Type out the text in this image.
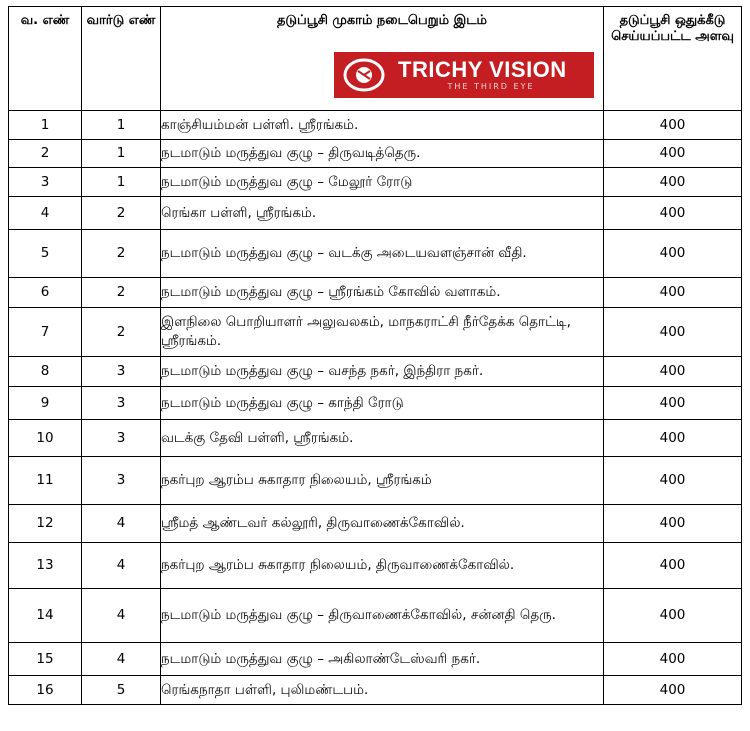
வ. எண்	வார்டு எண்	தடுப்பூசி முகாம் நடைபெறும் இடம்	தடுப்பூசி ஒதுக்கீடு செய்யப்பட்ட அளவு
1	1	காஞ்சியம்மன் பள்ளி. ஸ்ரீரங்கம்.	400
2	1	நடமாடும் மருத்துவ குழு – திருவடித்தெரு.	400
3	1	நடமாடும் மருத்துவ குழு – மேலூர் ரோடு	400
4	2	ரெங்கா பள்ளி, ஸ்ரீரங்கம்.	400
5	2	நடமாடும் மருத்துவ குழு – வடக்கு அடையவளஞ்சான் வீதி.	400
6	2	நடமாடும் மருத்துவ குழு – ஸ்ரீரங்கம் கோவில் வளாகம்.	400
7	2	இளநிலை பொறியாளர் அலுவலகம், மாநகராட்சி நீர்தேக்க தொட்டி, ஸ்ரீரங்கம்.	400
8	3	நடமாடும் மருத்துவ குழு – வசந்த நகர், இந்திரா நகர்.	400
9	3	நடமாடும் மருத்துவ குழு – காந்தி ரோடு	400
10	3	வடக்கு தேவி பள்ளி, ஸ்ரீரங்கம்.	400
11	3	நகர்புற ஆரம்ப சுகாதார நிலையம், ஸ்ரீரங்கம்	400
12	4	ஸ்ரீமத் ஆண்டவர் கல்லூரி, திருவாணைக்கோவில்.	400
13	4	நகர்புற ஆரம்ப சுகாதார நிலையம், திருவாணைக்கோவில்.	400
14	4	நடமாடும் மருத்துவ குழு – திருவாணைக்கோவில், சன்னதி தெரு.	400
15	4	நடமாடும் மருத்துவ குழு – அகிலாண்டேஸ்வரி நகர்.	400
16	5	ரெங்கநாதா பள்ளி, புலிமண்டபம்.	400
TRICHY VISION
THE THIRD EYE
